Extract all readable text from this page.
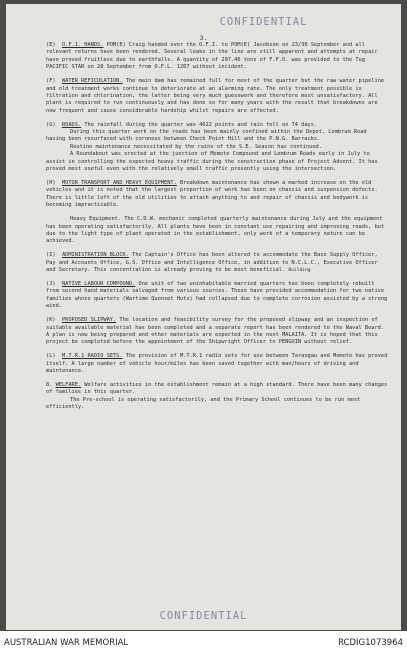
CONFIDENTIAL
3.

(E) O.F.I. HANDS. POM(E) Craig handed over the O.F.I. to POM(E) Jacobson on 23/30 September and all relevant returns have been rendered. Several leaks in the line are still apparent and attempts at repair have proved fruitless due to earthfalls. A quantity of 297.46 tons of F.F.O. was provided to the Tug PACIFIC STAR on 28 September from O.F.L. 1207 without incident.

(F) WATER REFICULATION. The main dam has remained full for most of the quarter but the raw water pipeline and old treatment works continue to deteriorate at an alarming rate. The only treatment possible is filtration and chlorination, the latter being very much guesswork and therefore most unsatisfactory. All plant is required to run continuously and has done so for many years with the result that breakdowns are now frequent and cause considerable hardship whilst repairs are effected.

(G) ROADS. The rainfall during the quarter was 4622 points and rain fell on 74 days.

During this quarter work on the roads has been mainly confined within the Depot, Lombrum Road having been resurfaced with coronous between Check Point Hill and the P.N.G. Barracks.

Routine maintenance necessitated by the rains of the S.E. Season has continued.

A Roundabout was erected at the junction of Momote Compound and Lombrum Roads early in July to assist in controlling the expected heavy traffic during the construction phase of Project Advent. It has proved most useful even with the relatively small traffic presently using the intersection.

(H) MOTOR TRANSPORT AND HEAVY EQUIPMENT. Breakdown maintenance has shown a marked increase on the old vehicles and it is noted that the largest proportion of work has been on chassis and suspension defects. There is little left of the old utilities to attach anything to and repair of chassis and bodywork is becoming impracticable.

Heavy Equipment. The C.D.W. mechanic completed quarterly maintenance during July and the equipment has been operating satisfactorily. All plants have been in constant use repairing and improving roads, but due to the light type of plant operated in the establishment, only work of a temporary nature can be achieved.

(I) ADMINISTRATION BLOCK. The Captain's Office has been altered to accommodate the Base Supply Officer, Pay and Accounts Office, G.S. Office and Intelligence Office, in addition to N.C.L.C., Executive Officer and Secretary. This concentration is already proving to be most beneficial. Building

(J) NATIVE LABOUR COMPOUND. One unit of two uninhabitable married quarters has been completely rebuilt from second hand materials salvaged from various sources. These have provided accommodation for two native families whose quarters (Wartime Quonset Huts) had collapsed due to complete corrosion assisted by a strong wind.

(K) PROPOSED SLIPWAY. The location and feasibility survey for the proposed slipway and an inspection of suitable available material has been completed and a separate report has been rendered to the Naval Board. A plan is now being prepared and other materials are expected in the next MALAITA. It is hoped that this project be completed before the appointment of the Shipwright Officer to PENGUIN without relief.

(L) M.T.R.1 RADIO SETS. The provision of M.T.R.1 radio sets for use between Tarangau and Momote has proved itself. A large number of vehicle hour/miles has been saved together with man/hours of driving and maintenance.

8. WELFARE. Welfare activities in the establishment remain at a high standard. There have been many changes of families in this quarter.

The Pre-school is operating satisfactorily, and the Primary School continues to be run most efficiently.

CONFIDENTIAL
AUSTRALIAN WAR MEMORIAL	RCDIG1073964
